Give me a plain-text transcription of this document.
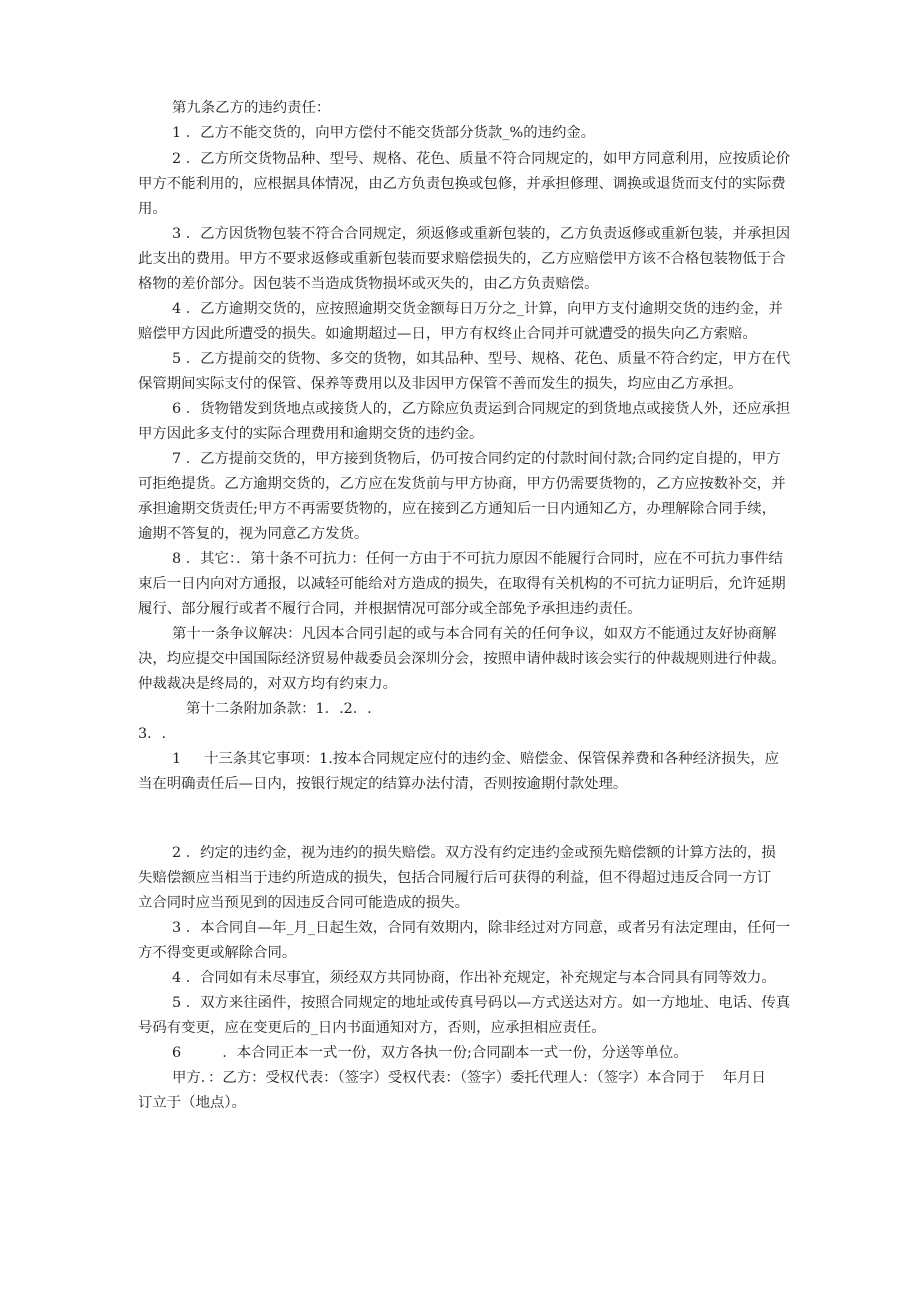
第九条乙方的违约责任：

1 ．乙方不能交货的，向甲方偿付不能交货部分货款_%的违约金。

2 ．乙方所交货物品种、型号、规格、花色、质量不符合同规定的，如甲方同意利用，应按质论价

甲方不能利用的，应根据具体情况，由乙方负责包换或包修，并承担修理、调换或退货而支付的实际费

用。

3 ．乙方因货物包装不符合合同规定，须返修或重新包装的，乙方负责返修或重新包装，并承担因

此支出的费用。甲方不要求返修或重新包装而要求赔偿损失的，乙方应赔偿甲方该不合格包装物低于合

格物的差价部分。因包装不当造成货物损坏或灭失的，由乙方负责赔偿。

4 ．乙方逾期交货的，应按照逾期交货金额每日万分之_计算，向甲方支付逾期交货的违约金，并

赔偿甲方因此所遭受的损失。如逾期超过—日，甲方有权终止合同并可就遭受的损失向乙方索赔。

5 ．乙方提前交的货物、多交的货物，如其品种、型号、规格、花色、质量不符合约定，甲方在代

保管期间实际支付的保管、保养等费用以及非因甲方保管不善而发生的损失，均应由乙方承担。

6 ．货物错发到货地点或接货人的，乙方除应负责运到合同规定的到货地点或接货人外，还应承担

甲方因此多支付的实际合理费用和逾期交货的违约金。

7 ．乙方提前交货的，甲方接到货物后，仍可按合同约定的付款时间付款;合同约定自提的，甲方

可拒绝提货。乙方逾期交货的，乙方应在发货前与甲方协商，甲方仍需要货物的，乙方应按数补交，并

承担逾期交货责任;甲方不再需要货物的，应在接到乙方通知后一日内通知乙方，办理解除合同手续，

逾期不答复的，视为同意乙方发货。

8 ．其它：．第十条不可抗力：任何一方由于不可抗力原因不能履行合同时，应在不可抗力事件结

束后一日内向对方通报，以减轻可能给对方造成的损失，在取得有关机构的不可抗力证明后，允许延期

履行、部分履行或者不履行合同，并根据情况可部分或全部免予承担违约责任。

第十一条争议解决：凡因本合同引起的或与本合同有关的任何争议，如双方不能通过友好协商解

决，均应提交中国国际经济贸易仲裁委员会深圳分会，按照申请仲裁时该会实行的仲裁规则进行仲裁。

仲裁裁决是终局的，对双方均有约束力。

第十二条附加条款：1．.2．.

3．.

1     十三条其它事项：1.按本合同规定应付的违约金、赔偿金、保管保养费和各种经济损失，应

当在明确责任后—日内，按银行规定的结算办法付清，否则按逾期付款处理。

2 ．约定的违约金，视为违约的损失赔偿。双方没有约定违约金或预先赔偿额的计算方法的，损

失赔偿额应当相当于违约所造成的损失，包括合同履行后可获得的利益，但不得超过违反合同一方订

立合同时应当预见到的因违反合同可能造成的损失。

3 ．本合同自—年_月_日起生效，合同有效期内，除非经过对方同意，或者另有法定理由，任何一

方不得变更或解除合同。

4 ．合同如有未尽事宜，须经双方共同协商，作出补充规定，补充规定与本合同具有同等效力。

5 ．双方来往函件，按照合同规定的地址或传真号码以—方式送达对方。如一方地址、电话、传真

号码有变更，应在变更后的_日内书面通知对方，否则，应承担相应责任。

6         ．本合同正本一式一份，双方各执一份;合同副本一式一份，分送等单位。

甲方．：乙方：受权代表：（签字）受权代表：（签字）委托代理人：（签字）本合同于    年月日

订立于（地点）。
